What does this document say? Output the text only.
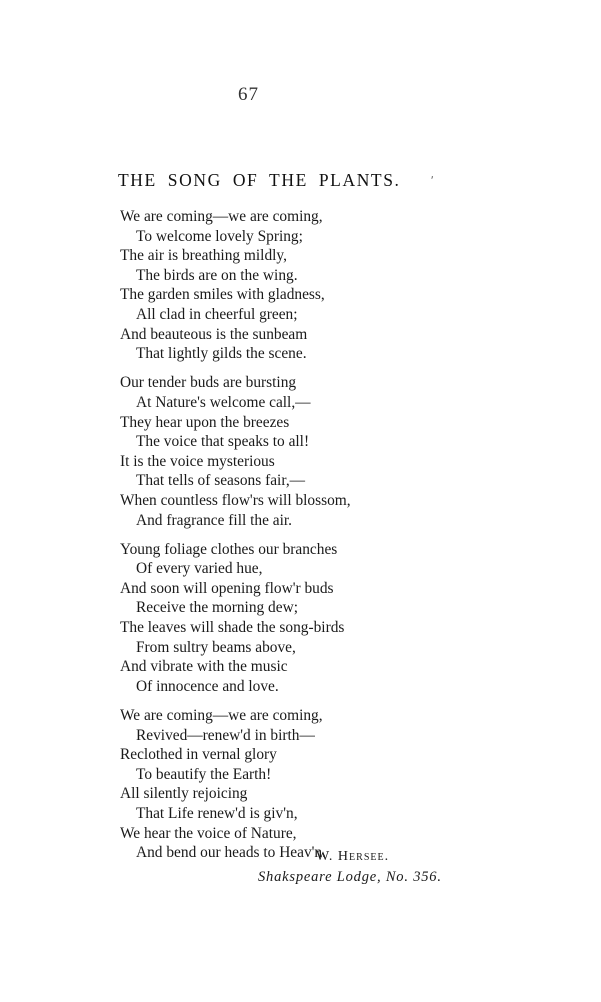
67
THE SONG OF THE PLANTS.	ʹ
We are coming—we are coming,
To welcome lovely Spring;
The air is breathing mildly,
The birds are on the wing.
The garden smiles with gladness,
All clad in cheerful green;
And beauteous is the sunbeam
That lightly gilds the scene.
Our tender buds are bursting
At Nature's welcome call,—
They hear upon the breezes
The voice that speaks to all!
It is the voice mysterious
That tells of seasons fair,—
When countless flow'rs will blossom,
And fragrance fill the air.
Young foliage clothes our branches
Of every varied hue,
And soon will opening flow'r buds
Receive the morning dew;
The leaves will shade the song-birds
From sultry beams above,
And vibrate with the music
Of innocence and love.
We are coming—we are coming,
Revived—renew'd in birth—
Reclothed in vernal glory
To beautify the Earth!
All silently rejoicing
That Life renew'd is giv'n,
We hear the voice of Nature,
And bend our heads to Heav'n.
W. Hersee.
Shakspeare Lodge, No. 356.
